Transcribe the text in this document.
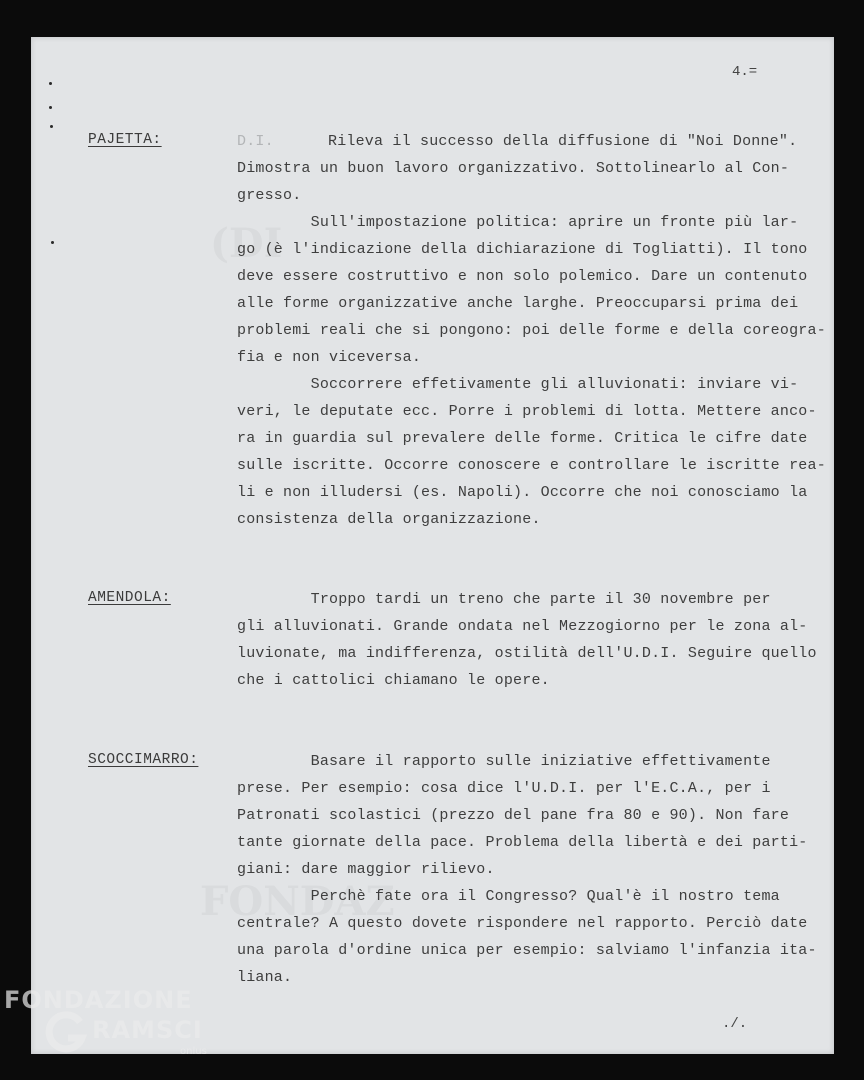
(DI
FONDAZ
4.=
PAJETTA:	D.I.	Rileva il successo della diffusione di "Noi Donne".
Dimostra un buon lavoro organizzativo. Sottolinearlo al Con-
gresso.
Sull'impostazione politica: aprire un fronte più lar-
go (è l'indicazione della dichiarazione di Togliatti). Il tono
deve essere costruttivo e non solo polemico. Dare un contenuto
alle forme organizzative anche larghe. Preoccuparsi prima dei
problemi reali che si pongono: poi delle forme e della coreogra-
fia e non viceversa.
Soccorrere effetivamente gli alluvionati: inviare vi-
veri, le deputate ecc. Porre i problemi di lotta. Mettere anco-
ra in guardia sul prevalere delle forme. Critica le cifre date
sulle iscritte. Occorre conoscere e controllare le iscritte rea-
li e non illudersi (es. Napoli). Occorre che noi conosciamo la
consistenza della organizzazione.
AMENDOLA:	Troppo tardi un treno che parte il 30 novembre per
gli alluvionati. Grande ondata nel Mezzogiorno per le zona al-
luvionate, ma indifferenza, ostilità dell'U.D.I. Seguire quello
che i cattolici chiamano le opere.
SCOCCIMARRO:	Basare il rapporto sulle iniziative effettivamente
prese. Per esempio: cosa dice l'U.D.I. per l'E.C.A., per i
Patronati scolastici (prezzo del pane fra 80 e 90). Non fare
tante giornate della pace. Problema della libertà e dei parti-
giani: dare maggior rilievo.
Perchè fate ora il Congresso? Qual'è il nostro tema
centrale? A questo dovete rispondere nel rapporto. Perciò date
una parola d'ordine unica per esempio: salviamo l'infanzia ita-
liana.
./.
FONDAZIONE
RAMSCI
onlus
